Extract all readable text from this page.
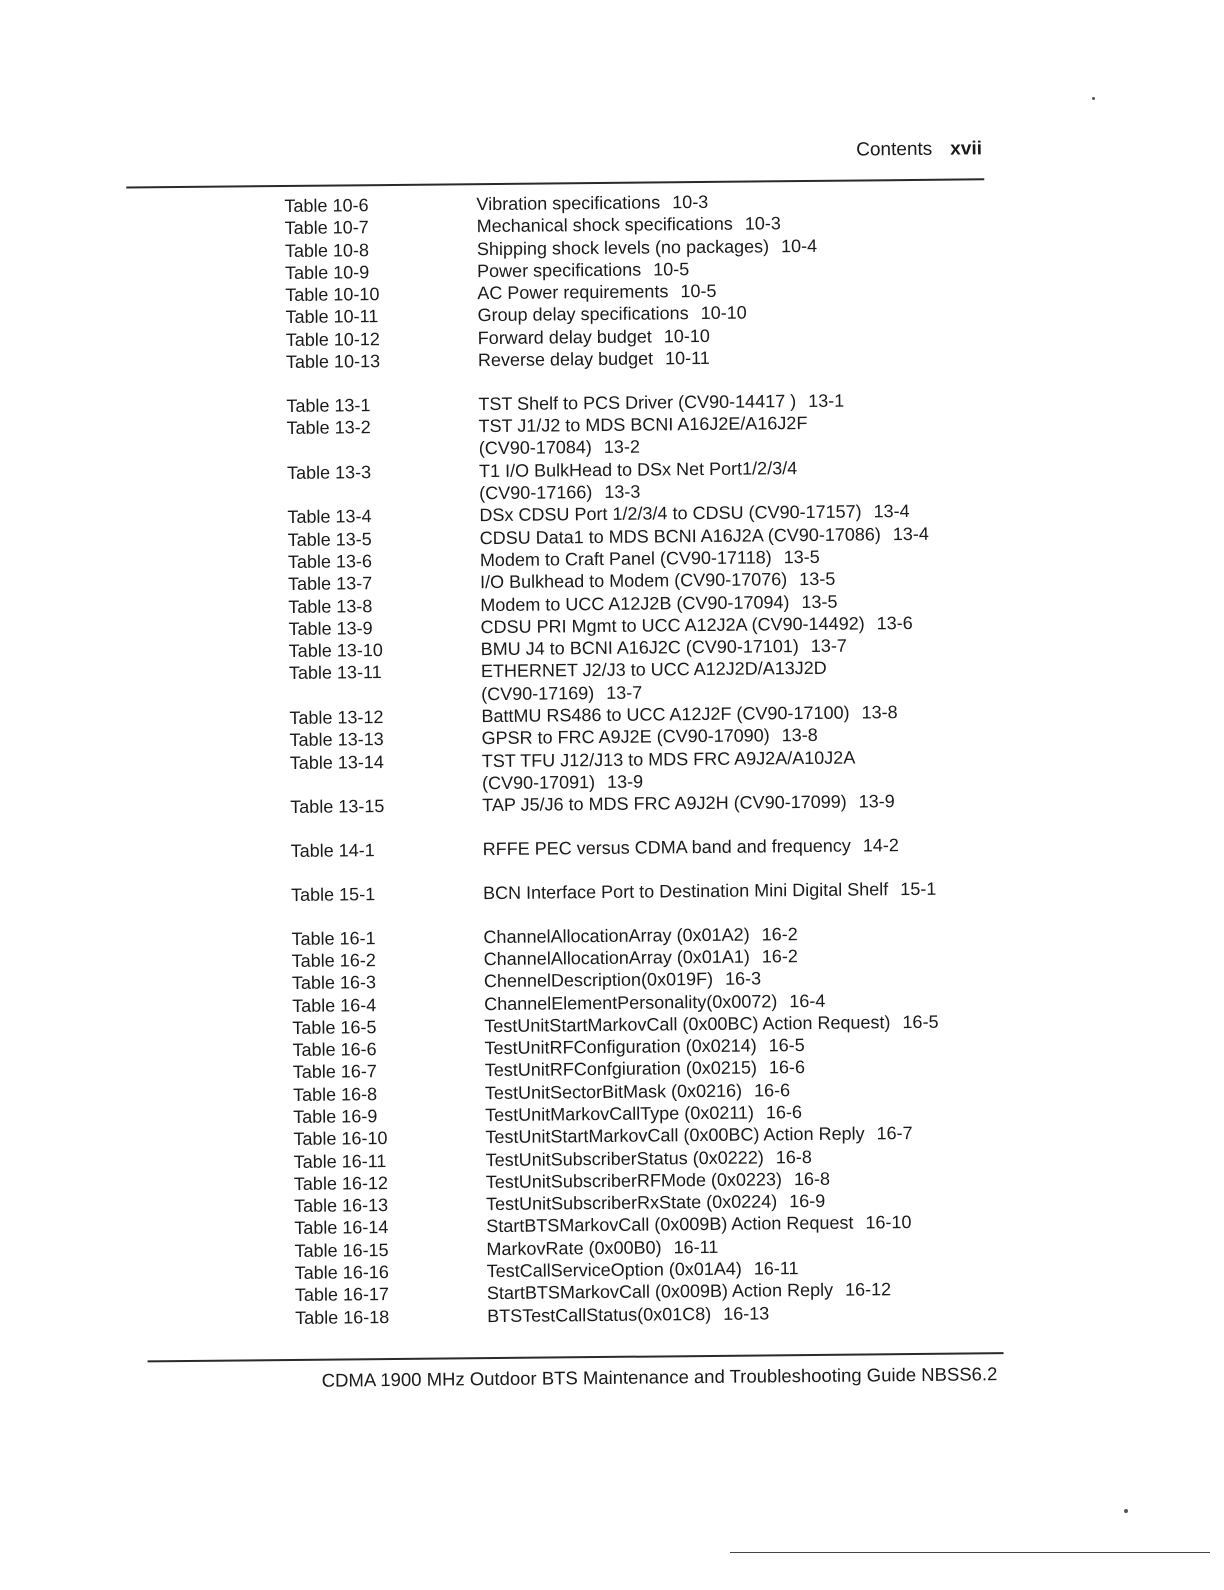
Contents xvii
Table 10-6	Vibration specifications 10-3
Table 10-7	Mechanical shock specifications 10-3
Table 10-8	Shipping shock levels (no packages) 10-4
Table 10-9	Power specifications 10-5
Table 10-10	AC Power requirements 10-5
Table 10-11	Group delay specifications 10-10
Table 10-12	Forward delay budget 10-10
Table 10-13	Reverse delay budget 10-11
Table 13-1	TST Shelf to PCS Driver (CV90-14417 ) 13-1
Table 13-2	TST J1/J2 to MDS BCNI A16J2E/A16J2F
(CV90-17084) 13-2
Table 13-3	T1 I/O BulkHead to DSx Net Port1/2/3/4
(CV90-17166) 13-3
Table 13-4	DSx CDSU Port 1/2/3/4 to CDSU (CV90-17157) 13-4
Table 13-5	CDSU Data1 to MDS BCNI A16J2A (CV90-17086) 13-4
Table 13-6	Modem to Craft Panel (CV90-17118) 13-5
Table 13-7	I/O Bulkhead to Modem (CV90-17076) 13-5
Table 13-8	Modem to UCC A12J2B (CV90-17094) 13-5
Table 13-9	CDSU PRI Mgmt to UCC A12J2A (CV90-14492) 13-6
Table 13-10	BMU J4 to BCNI A16J2C (CV90-17101) 13-7
Table 13-11	ETHERNET J2/J3 to UCC A12J2D/A13J2D
(CV90-17169) 13-7
Table 13-12	BattMU RS486 to UCC A12J2F (CV90-17100) 13-8
Table 13-13	GPSR to FRC A9J2E (CV90-17090) 13-8
Table 13-14	TST TFU J12/J13 to MDS FRC A9J2A/A10J2A
(CV90-17091) 13-9
Table 13-15	TAP J5/J6 to MDS FRC A9J2H (CV90-17099) 13-9
Table 14-1	RFFE PEC versus CDMA band and frequency 14-2
Table 15-1	BCN Interface Port to Destination Mini Digital Shelf 15-1
Table 16-1	ChannelAllocationArray (0x01A2) 16-2
Table 16-2	ChannelAllocationArray (0x01A1) 16-2
Table 16-3	ChennelDescription(0x019F) 16-3
Table 16-4	ChannelElementPersonality(0x0072) 16-4
Table 16-5	TestUnitStartMarkovCall (0x00BC) Action Request) 16-5
Table 16-6	TestUnitRFConfiguration (0x0214) 16-5
Table 16-7	TestUnitRFConfgiuration (0x0215) 16-6
Table 16-8	TestUnitSectorBitMask (0x0216) 16-6
Table 16-9	TestUnitMarkovCallType (0x0211) 16-6
Table 16-10	TestUnitStartMarkovCall (0x00BC) Action Reply 16-7
Table 16-11	TestUnitSubscriberStatus (0x0222) 16-8
Table 16-12	TestUnitSubscriberRFMode (0x0223) 16-8
Table 16-13	TestUnitSubscriberRxState (0x0224) 16-9
Table 16-14	StartBTSMarkovCall (0x009B) Action Request 16-10
Table 16-15	MarkovRate (0x00B0) 16-11
Table 16-16	TestCallServiceOption (0x01A4) 16-11
Table 16-17	StartBTSMarkovCall (0x009B) Action Reply 16-12
Table 16-18	BTSTestCallStatus(0x01C8) 16-13
CDMA 1900 MHz Outdoor BTS Maintenance and Troubleshooting Guide NBSS6.2
